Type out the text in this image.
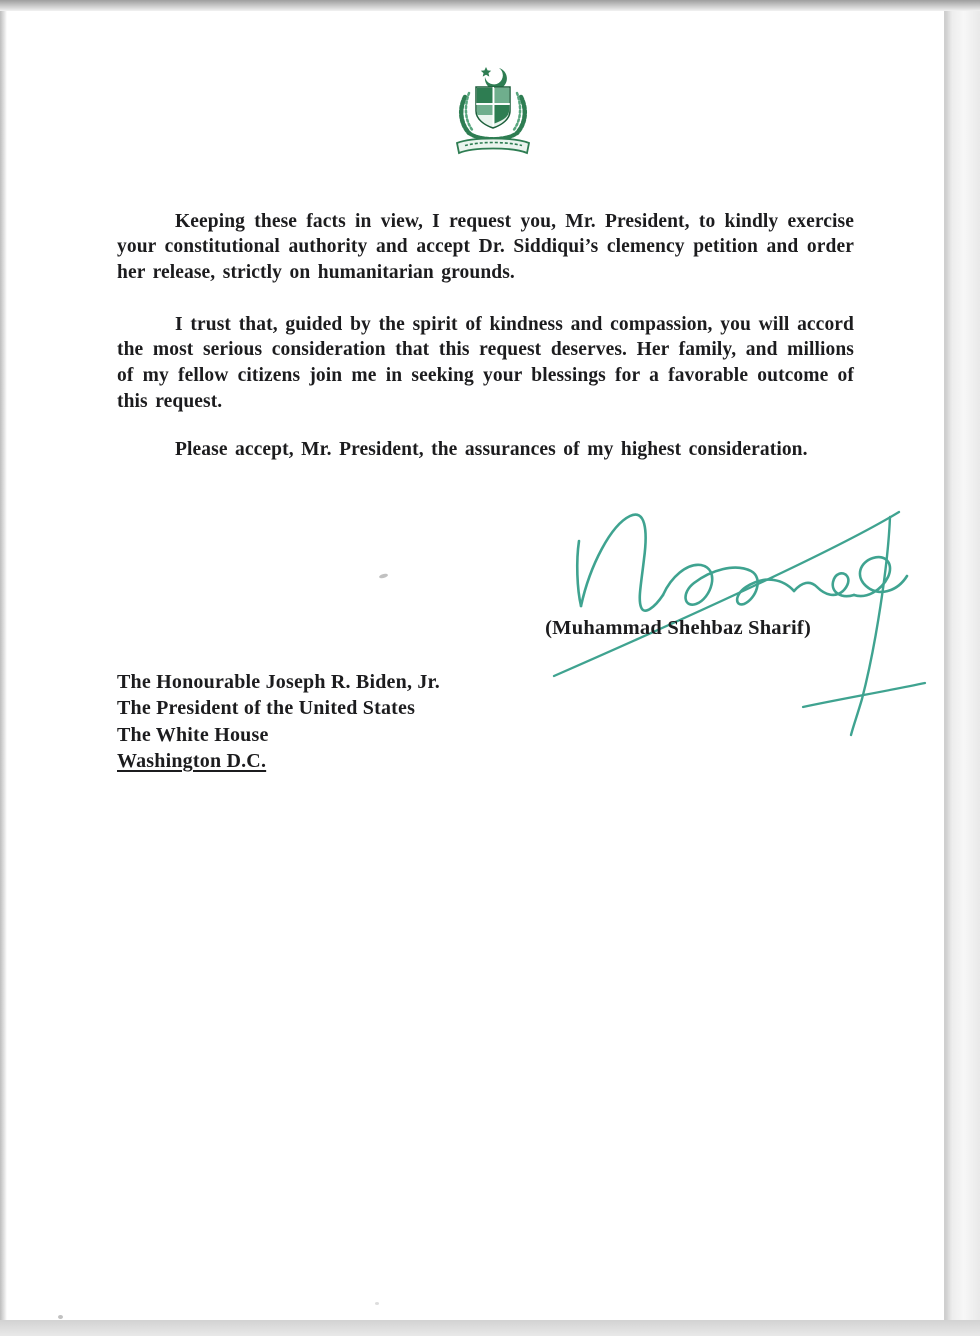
Keeping these facts in view, I request you, Mr. President, to kindly exercise your constitutional authority and accept Dr. Siddiqui’s clemency petition and order her release, strictly on humanitarian grounds.

I trust that, guided by the spirit of kindness and compassion, you will accord the most serious consideration that this request deserves. Her family, and millions of my fellow citizens join me in seeking your blessings for a favorable outcome of this request.

Please accept, Mr. President, the assurances of my highest consideration.

(Muhammad Shehbaz Sharif)
The Honourable Joseph R. Biden, Jr.
The President of the United States
The White House
Washington D.C.
